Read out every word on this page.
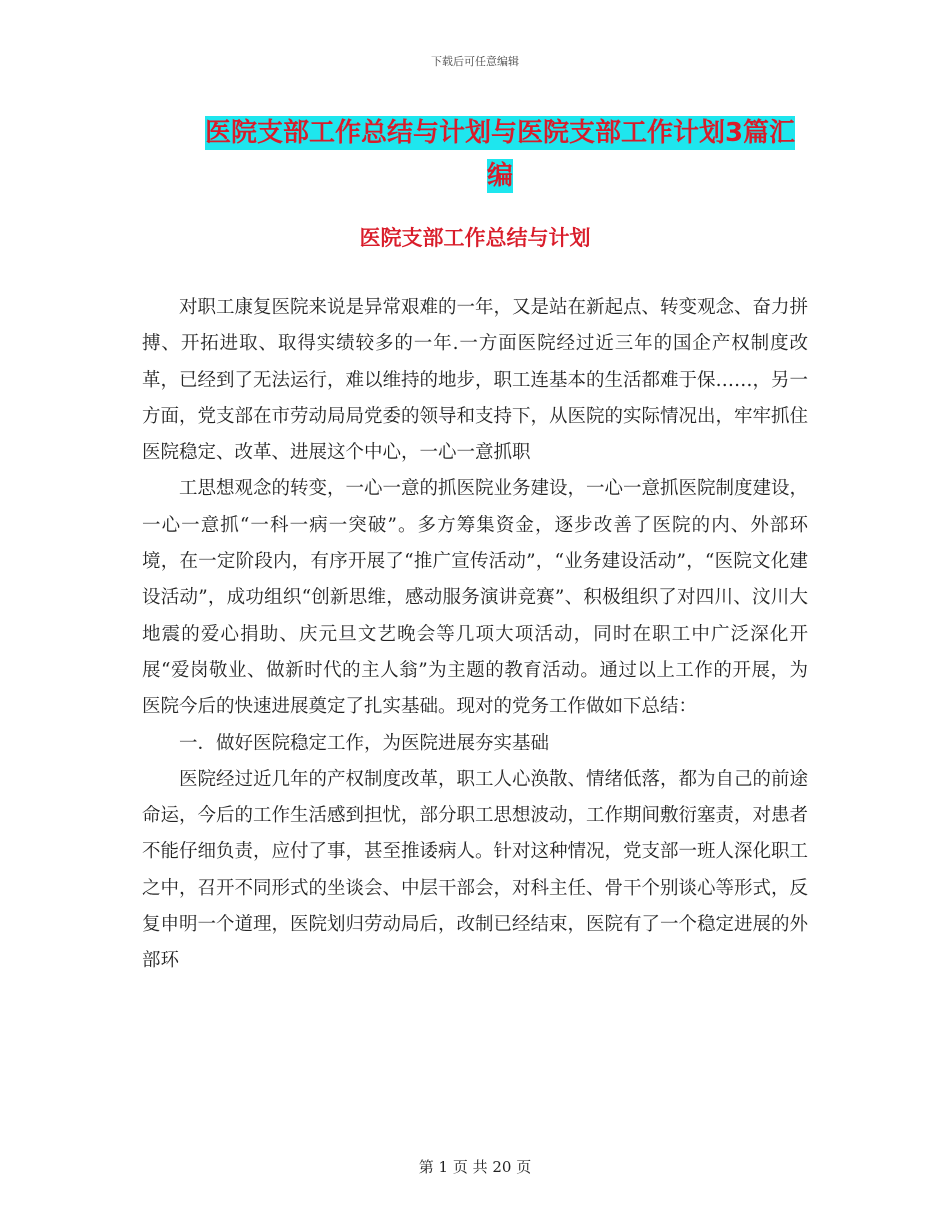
下载后可任意编辑
医院支部工作总结与计划与医院支部工作计划3篇汇编
医院支部工作总结与计划

对职工康复医院来说是异常艰难的一年，又是站在新起点、转变观念、奋力拼搏、开拓进取、取得实绩较多的一年.一方面医院经过近三年的国企产权制度改革，已经到了无法运行，难以维持的地步，职工连基本的生活都难于保……，另一方面，党支部在市劳动局局党委的领导和支持下，从医院的实际情况出，牢牢抓住医院稳定、改革、进展这个中心，一心一意抓职

工思想观念的转变，一心一意的抓医院业务建设，一心一意抓医院制度建设，一心一意抓“一科一病一突破”。多方筹集资金，逐步改善了医院的内、外部环境，在一定阶段内，有序开展了“推广宣传活动”，“业务建设活动”，“医院文化建设活动”，成功组织“创新思维，感动服务演讲竞赛”、积极组织了对四川、汶川大地震的爱心捐助、庆元旦文艺晚会等几项大项活动，同时在职工中广泛深化开展“爱岗敬业、做新时代的主人翁”为主题的教育活动。通过以上工作的开展，为医院今后的快速进展奠定了扎实基础。现对的党务工作做如下总结：

一．做好医院稳定工作，为医院进展夯实基础

医院经过近几年的产权制度改革，职工人心涣散、情绪低落，都为自己的前途命运，今后的工作生活感到担忧，部分职工思想波动，工作期间敷衍塞责，对患者不能仔细负责，应付了事，甚至推诿病人。针对这种情况，党支部一班人深化职工之中，召开不同形式的坐谈会、中层干部会，对科主任、骨干个别谈心等形式，反复申明一个道理，医院划归劳动局后，改制已经结束，医院有了一个稳定进展的外部环

第 1 页 共 20 页
